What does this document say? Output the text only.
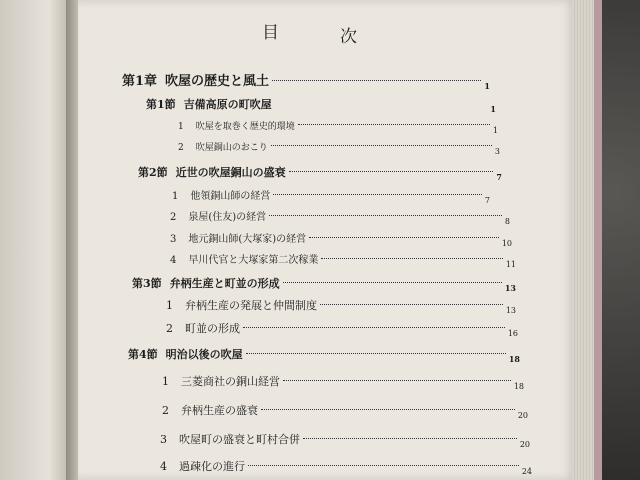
目	次
第1章 吹屋の歴史と風土	1
第1節 吉備高原の町吹屋	1
1 吹屋を取巻く歴史的環境	1
2 吹屋銅山のおこり	3
第2節 近世の吹屋銅山の盛衰	7
1 他領銅山師の経営	7
2 泉屋(住友)の経営	8
3 地元銅山師(大塚家)の経営	10
4 早川代官と大塚家第二次稼業	11
第3節 弁柄生産と町並の形成	13
1 弁柄生産の発展と仲間制度	13
2 町並の形成	16
第4節 明治以後の吹屋	18
1 三菱商社の銅山経営	18
2 弁柄生産の盛衰	20
3 吹屋町の盛衰と町村合併	20
4 過疎化の進行	24
